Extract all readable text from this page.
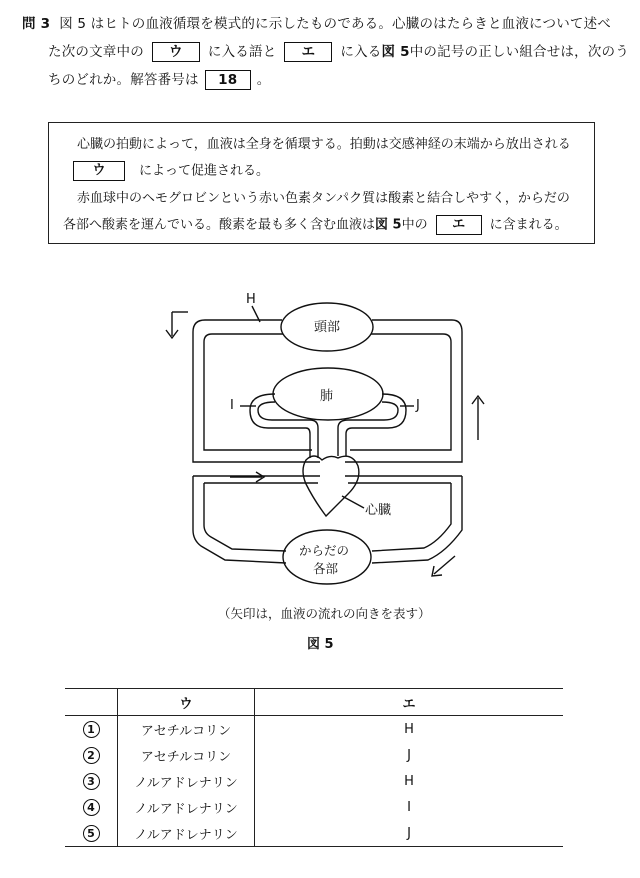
問 3 図 5 はヒトの血液循環を模式的に示したものである。心臓のはたらきと血液について述べ
た次の文章中の ウ に入る語と エ に入る図 5中の記号の正しい組合せは，次のう
ちのどれか。解答番号は 18 。
心臓の拍動によって，血液は全身を循環する。拍動は交感神経の末端から放出される
ウ	によって促進される。
赤血球中のヘモグロビンという赤い色素タンパク質は酸素と結合しやすく，からだの
各部へ酸素を運んでいる。酸素を最も多く含む血液は図 5中の エ に含まれる。
頭部
肺
心臓
からだの
各部
H
I	J
（矢印は，血液の流れの向きを表す）
図 5
	ウ	エ
1	アセチルコリン	H
2	アセチルコリン	J
3	ノルアドレナリン	H
4	ノルアドレナリン	I
5	ノルアドレナリン	J
